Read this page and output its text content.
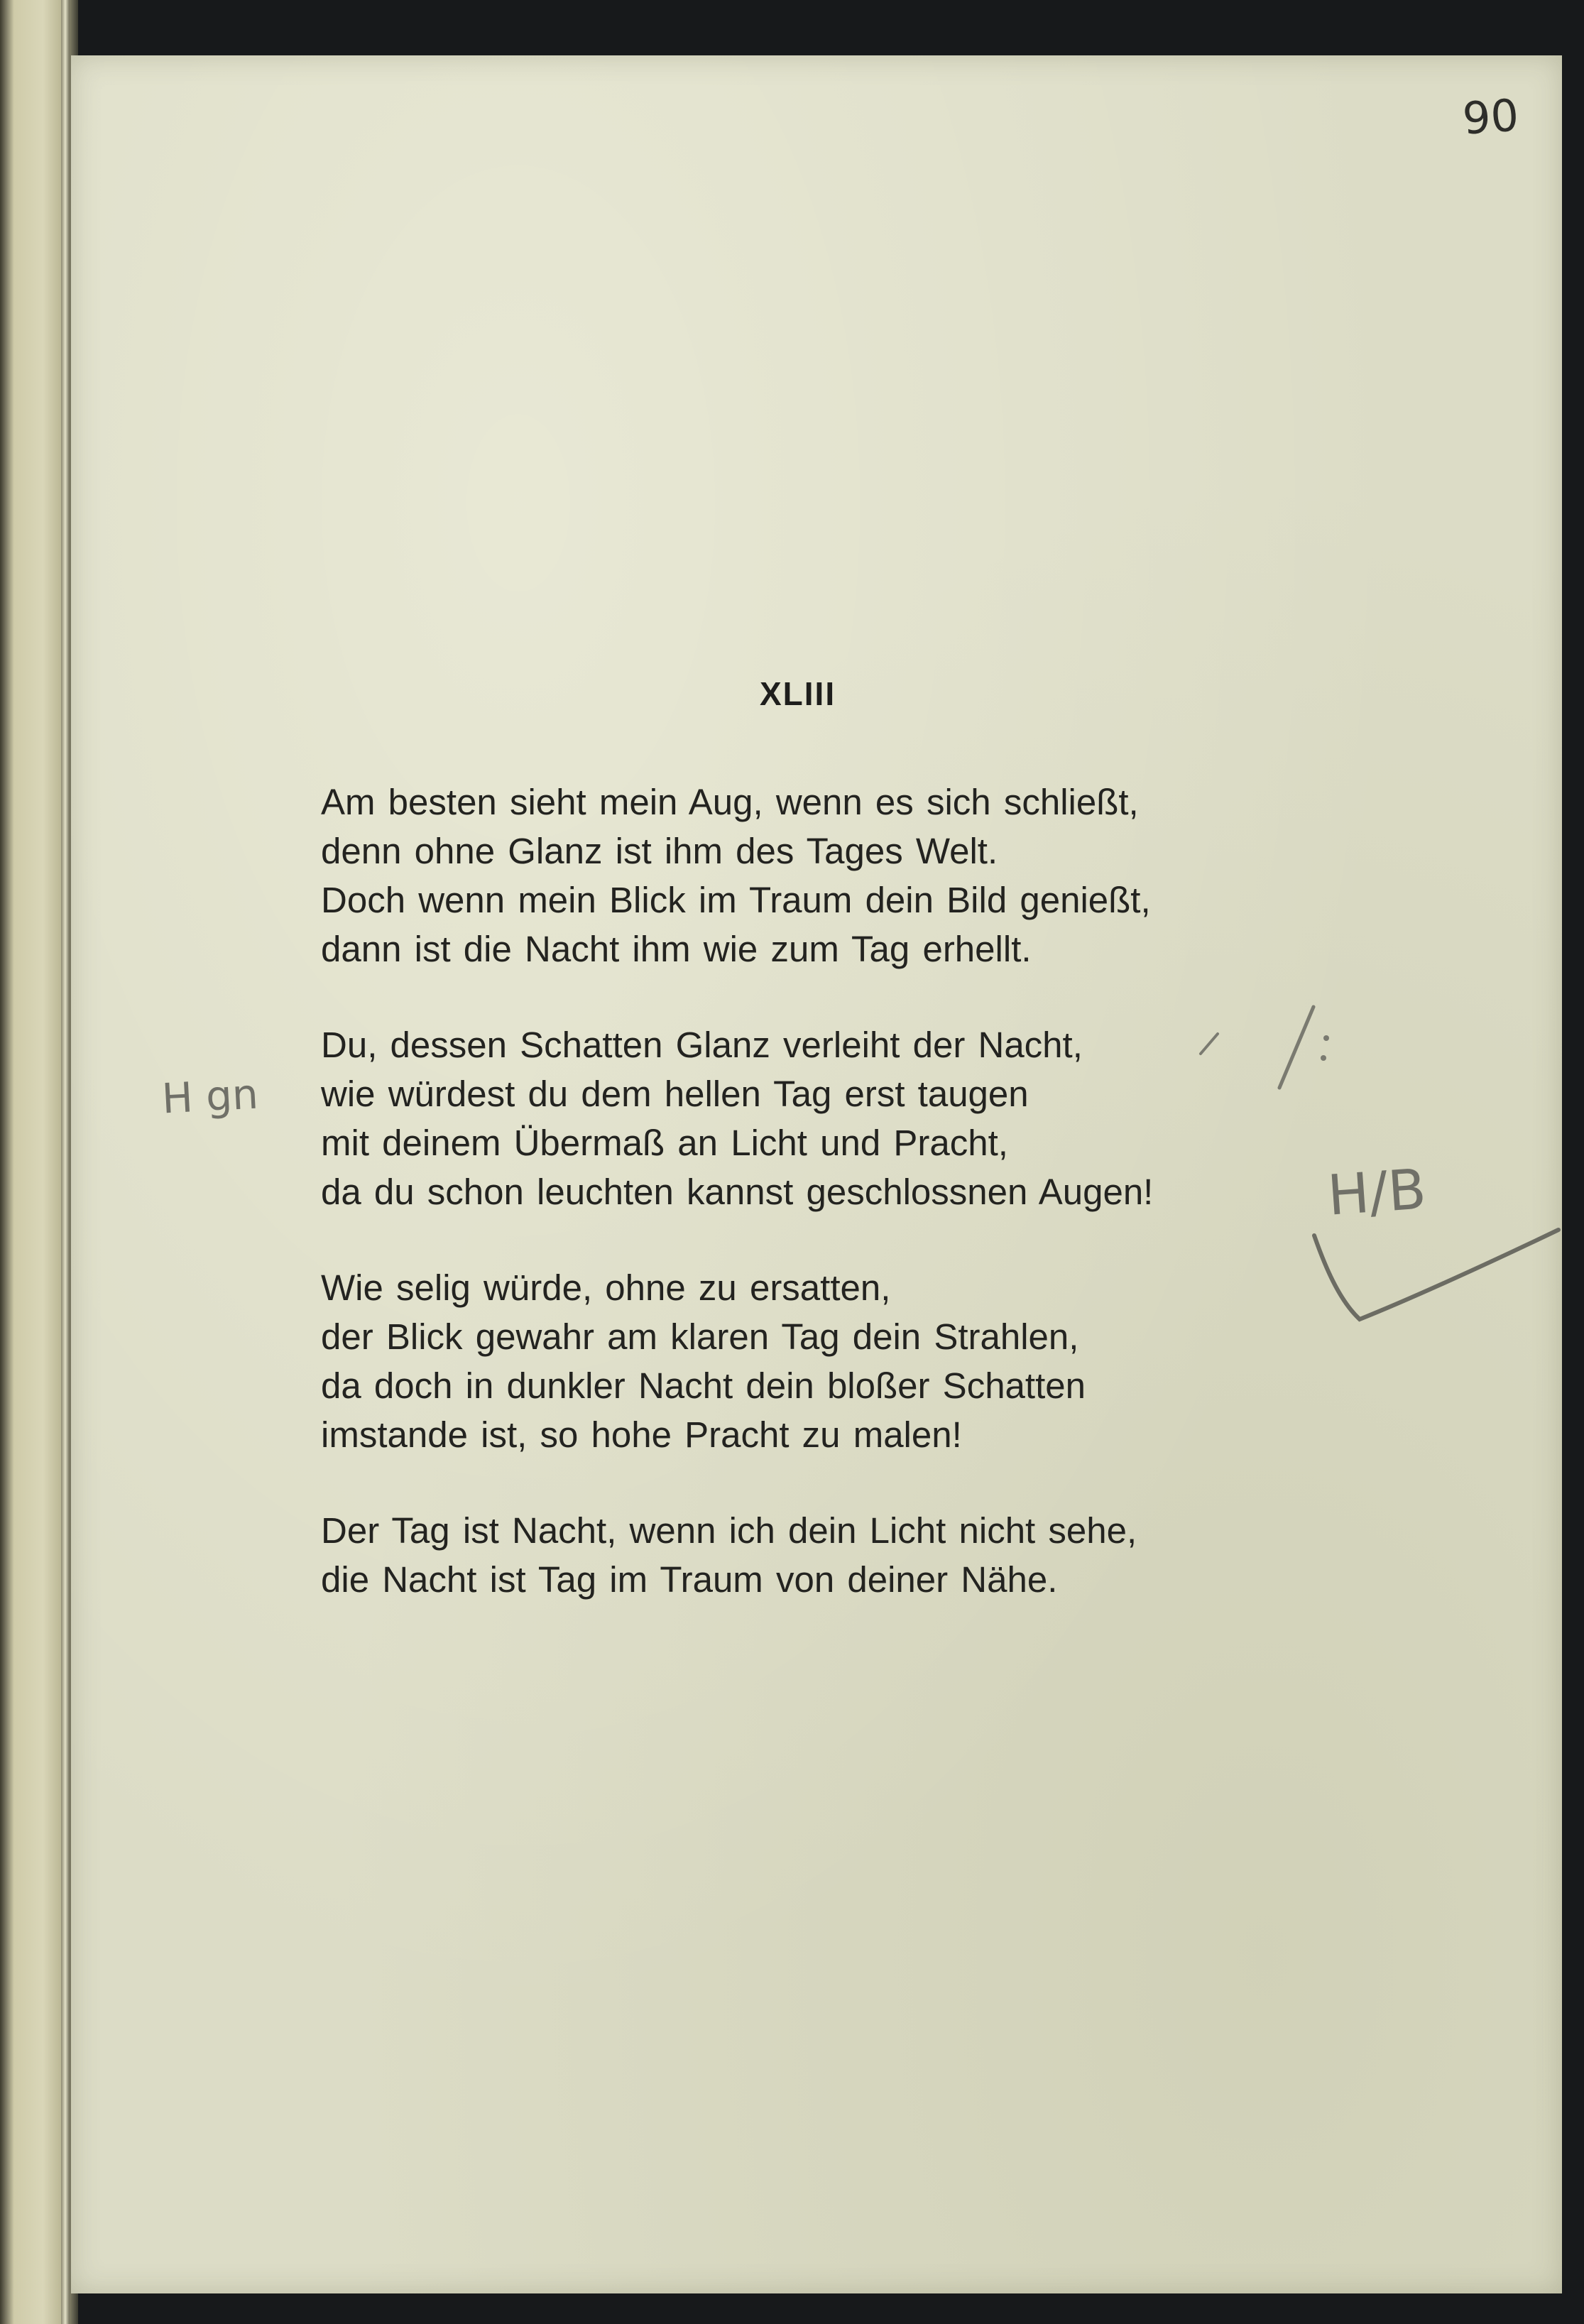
90
XLIII
Am besten sieht mein Aug, wenn es sich schließt,
denn ohne Glanz ist ihm des Tages Welt.
Doch wenn mein Blick im Traum dein Bild genießt,
dann ist die Nacht ihm wie zum Tag erhellt.
Du, dessen Schatten Glanz verleiht der Nacht,
wie würdest du dem hellen Tag erst taugen
mit deinem Übermaß an Licht und Pracht,
da du schon leuchten kannst geschlossnen Augen!
Wie selig würde, ohne zu ersatten,
der Blick gewahr am klaren Tag dein Strahlen,
da doch in dunkler Nacht dein bloßer Schatten
imstande ist, so hohe Pracht zu malen!
Der Tag ist Nacht, wenn ich dein Licht nicht sehe,
die Nacht ist Tag im Traum von deiner Nähe.
H gn
H/B
